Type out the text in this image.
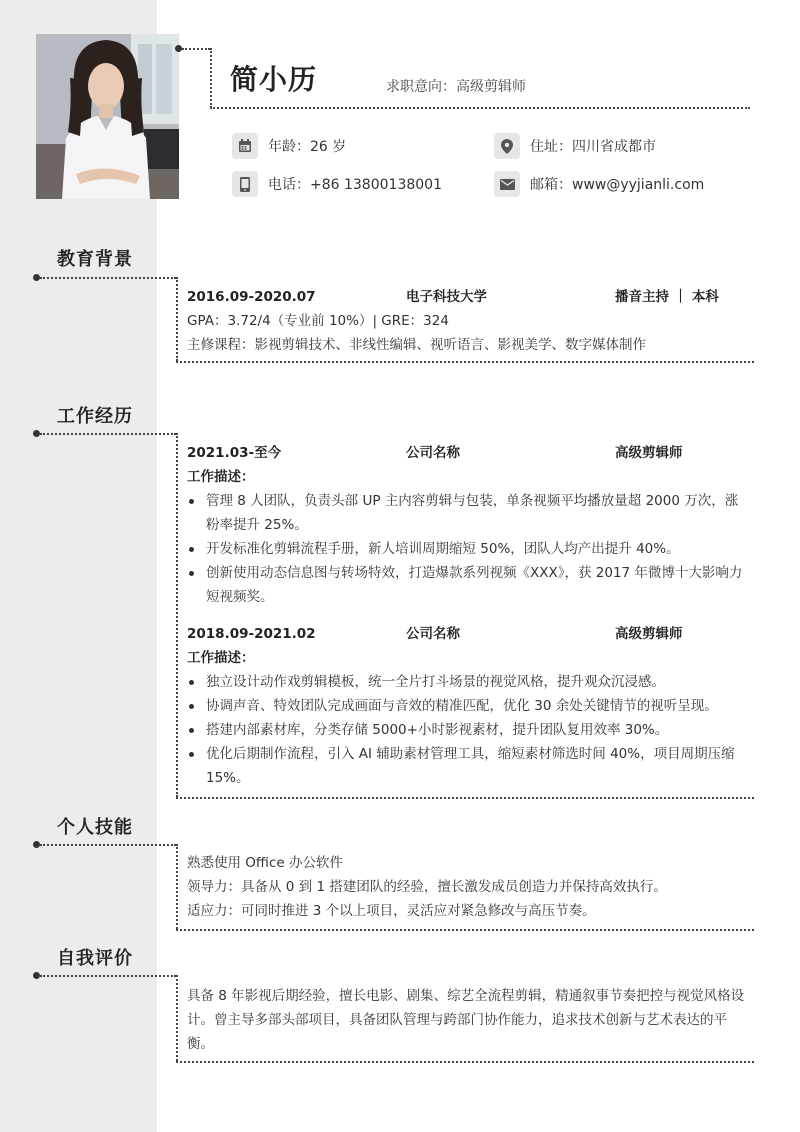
简小历	求职意向：高级剪辑师
年龄：26 岁	住址：四川省成都市
电话：+86 13800138001	邮箱：www@yyjianli.com
教育背景
2016.09-2020.07	电子科技大学	播音主持 ｜ 本科
GPA：3.72/4（专业前 10%）| GRE：324
主修课程：影视剪辑技术、非线性编辑、视听语言、影视美学、数字媒体制作
工作经历
2021.03-至今	公司名称	高级剪辑师
工作描述：
管理 8 人团队，负责头部 UP 主内容剪辑与包装，单条视频平均播放量超 2000 万次，涨粉率提升 25%。
开发标准化剪辑流程手册，新人培训周期缩短 50%，团队人均产出提升 40%。
创新使用动态信息图与转场特效，打造爆款系列视频《XXX》，获 2017 年微博十大影响力短视频奖。
2018.09-2021.02	公司名称	高级剪辑师
工作描述：
独立设计动作戏剪辑模板，统一全片打斗场景的视觉风格，提升观众沉浸感。
协调声音、特效团队完成画面与音效的精准匹配，优化 30 余处关键情节的视听呈现。
搭建内部素材库，分类存储 5000+小时影视素材，提升团队复用效率 30%。
优化后期制作流程，引入 AI 辅助素材管理工具，缩短素材筛选时间 40%，项目周期压缩 15%。
个人技能
熟悉使用 Office 办公软件
领导力：具备从 0 到 1 搭建团队的经验，擅长激发成员创造力并保持高效执行。
适应力：可同时推进 3 个以上项目，灵活应对紧急修改与高压节奏。
自我评价
具备 8 年影视后期经验，擅长电影、剧集、综艺全流程剪辑，精通叙事节奏把控与视觉风格设计。曾主导多部头部项目，具备团队管理与跨部门协作能力，追求技术创新与艺术表达的平衡。
